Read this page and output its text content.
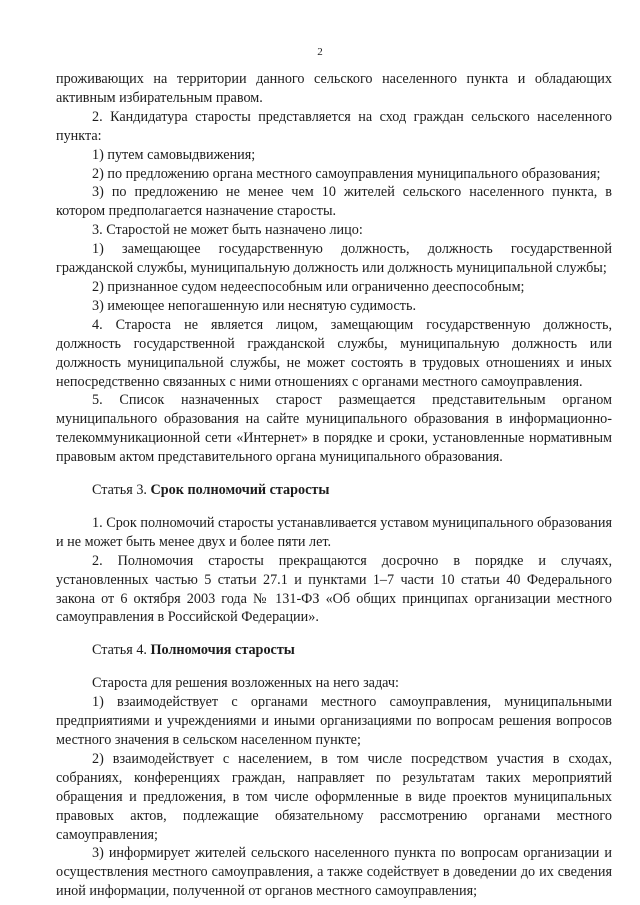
2

проживающих на территории данного сельского населенного пункта и обладающих активным избирательным правом.

2. Кандидатура старосты представляется на сход граждан сельского населенного пункта:

1) путем самовыдвижения;

2) по предложению органа местного самоуправления муниципального образования;

3) по предложению не менее чем 10 жителей сельского населенного пункта, в котором предполагается назначение старосты.

3. Старостой не может быть назначено лицо:

1) замещающее государственную должность, должность государственной гражданской службы, муниципальную должность или должность муниципальной службы;

2) признанное судом недееспособным или ограниченно дееспособным;

3) имеющее непогашенную или неснятую судимость.

4. Староста не является лицом, замещающим государственную должность, должность государственной гражданской службы, муниципальную должность или должность муниципальной службы, не может состоять в трудовых отношениях и иных непосредственно связанных с ними отношениях с органами местного самоуправления.

5. Список назначенных старост размещается представительным органом муниципального образования на сайте муниципального образования в информационно-телекоммуникационной сети «Интернет» в порядке и сроки, установленные нормативным правовым актом представительного органа муниципального образования.

Статья 3. Срок полномочий старосты

1. Срок полномочий старосты устанавливается уставом муниципального образования и не может быть менее двух и более пяти лет.

2. Полномочия старосты прекращаются досрочно в порядке и случаях, установленных частью 5 статьи 27.1 и пунктами 1–7 части 10 статьи 40 Федерального закона от 6 октября 2003 года № 131-ФЗ «Об общих принципах организации местного самоуправления в Российской Федерации».

Статья 4. Полномочия старосты

Староста для решения возложенных на него задач:

1) взаимодействует с органами местного самоуправления, муниципальными предприятиями и учреждениями и иными организациями по вопросам решения вопросов местного значения в сельском населенном пункте;

2) взаимодействует с населением, в том числе посредством участия в сходах, собраниях, конференциях граждан, направляет по результатам таких мероприятий обращения и предложения, в том числе оформленные в виде проектов муниципальных правовых актов, подлежащие обязательному рассмотрению органами местного самоуправления;

3) информирует жителей сельского населенного пункта по вопросам организации и осуществления местного самоуправления, а также содействует в доведении до их сведения иной информации, полученной от органов местного самоуправления;
